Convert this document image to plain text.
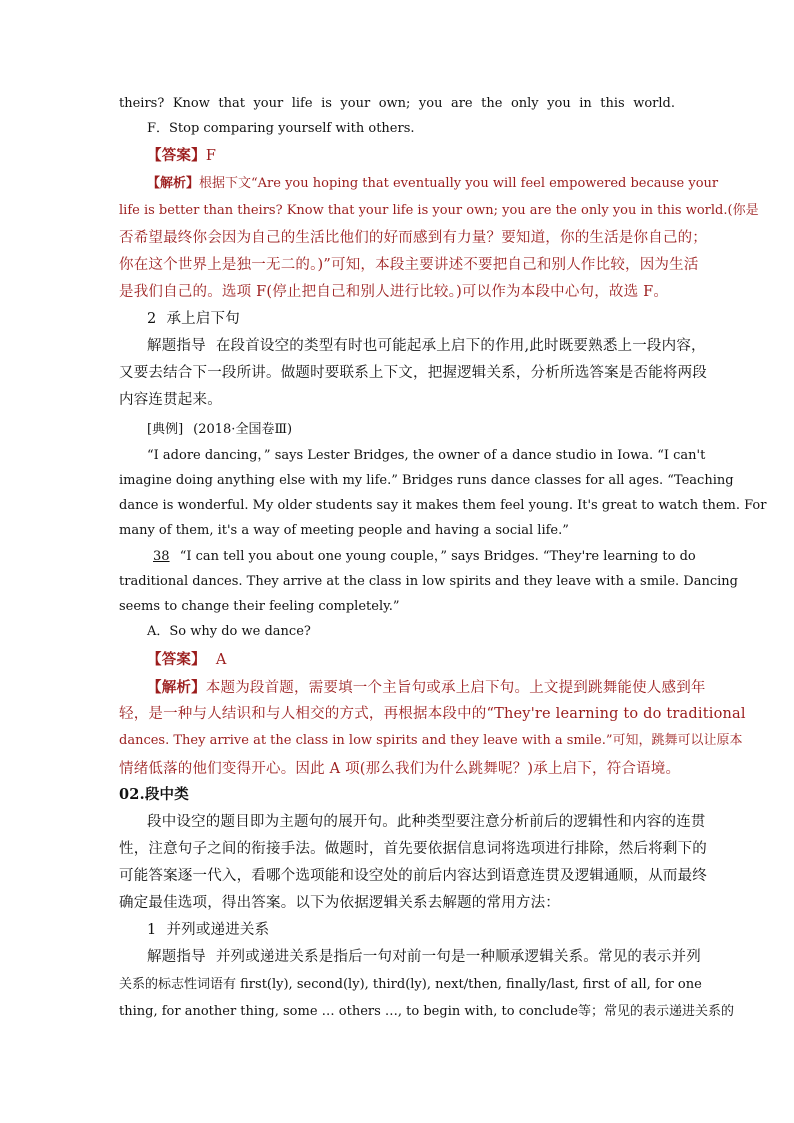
theirs? Know that your life is your own; you are the only you in this world.
F．Stop comparing yourself with others.
【答案】F
【解析】根据下文“Are you hoping that eventually you will feel empowered because your
life is better than theirs? Know that your life is your own; you are the only you in this world.(你是
否希望最终你会因为自己的生活比他们的好而感到有力量？要知道，你的生活是你自己的；
你在这个世界上是独一无二的。)”可知，本段主要讲述不要把自己和别人作比较，因为生活
是我们自己的。选项 F(停止把自己和别人进行比较。)可以作为本段中心句，故选 F。
2 承上启下句
解题指导 在段首设空的类型有时也可能起承上启下的作用,此时既要熟悉上一段内容，
又要去结合下一段所讲。做题时要联系上下文，把握逻辑关系，分析所选答案是否能将两段
内容连贯起来。
[典例] (2018·全国卷Ⅲ)
“I adore dancing，” says Lester Bridges, the owner of a dance studio in Iowa. “I can't
imagine doing anything else with my life.” Bridges runs dance classes for all ages. “Teaching
dance is wonderful. My older students say it makes them feel young. It's great to watch them. For
many of them, it's a way of meeting people and having a social life.”
38 “I can tell you about one young couple，” says Bridges. “They're learning to do
traditional dances. They arrive at the class in low spirits and they leave with a smile. Dancing
seems to change their feeling completely.”
A．So why do we dance?
【答案】 A
【解析】本题为段首题，需要填一个主旨句或承上启下句。上文提到跳舞能使人感到年
轻，是一种与人结识和与人相交的方式，再根据本段中的“They're learning to do traditional
dances. They arrive at the class in low spirits and they leave with a smile.”可知，跳舞可以让原本
情绪低落的他们变得开心。因此 A 项(那么我们为什么跳舞呢？)承上启下，符合语境。
02.段中类
段中设空的题目即为主题句的展开句。此种类型要注意分析前后的逻辑性和内容的连贯
性，注意句子之间的衔接手法。做题时，首先要依据信息词将选项进行排除，然后将剩下的
可能答案逐一代入，看哪个选项能和设空处的前后内容达到语意连贯及逻辑通顺，从而最终
确定最佳选项，得出答案。以下为依据逻辑关系去解题的常用方法：
1 并列或递进关系
解题指导 并列或递进关系是指后一句对前一句是一种顺承逻辑关系。常见的表示并列
关系的标志性词语有 first(ly), second(ly), third(ly), next/then, finally/last, first of all, for one
thing, for another thing, some … others …, to begin with, to conclude等；常见的表示递进关系的
